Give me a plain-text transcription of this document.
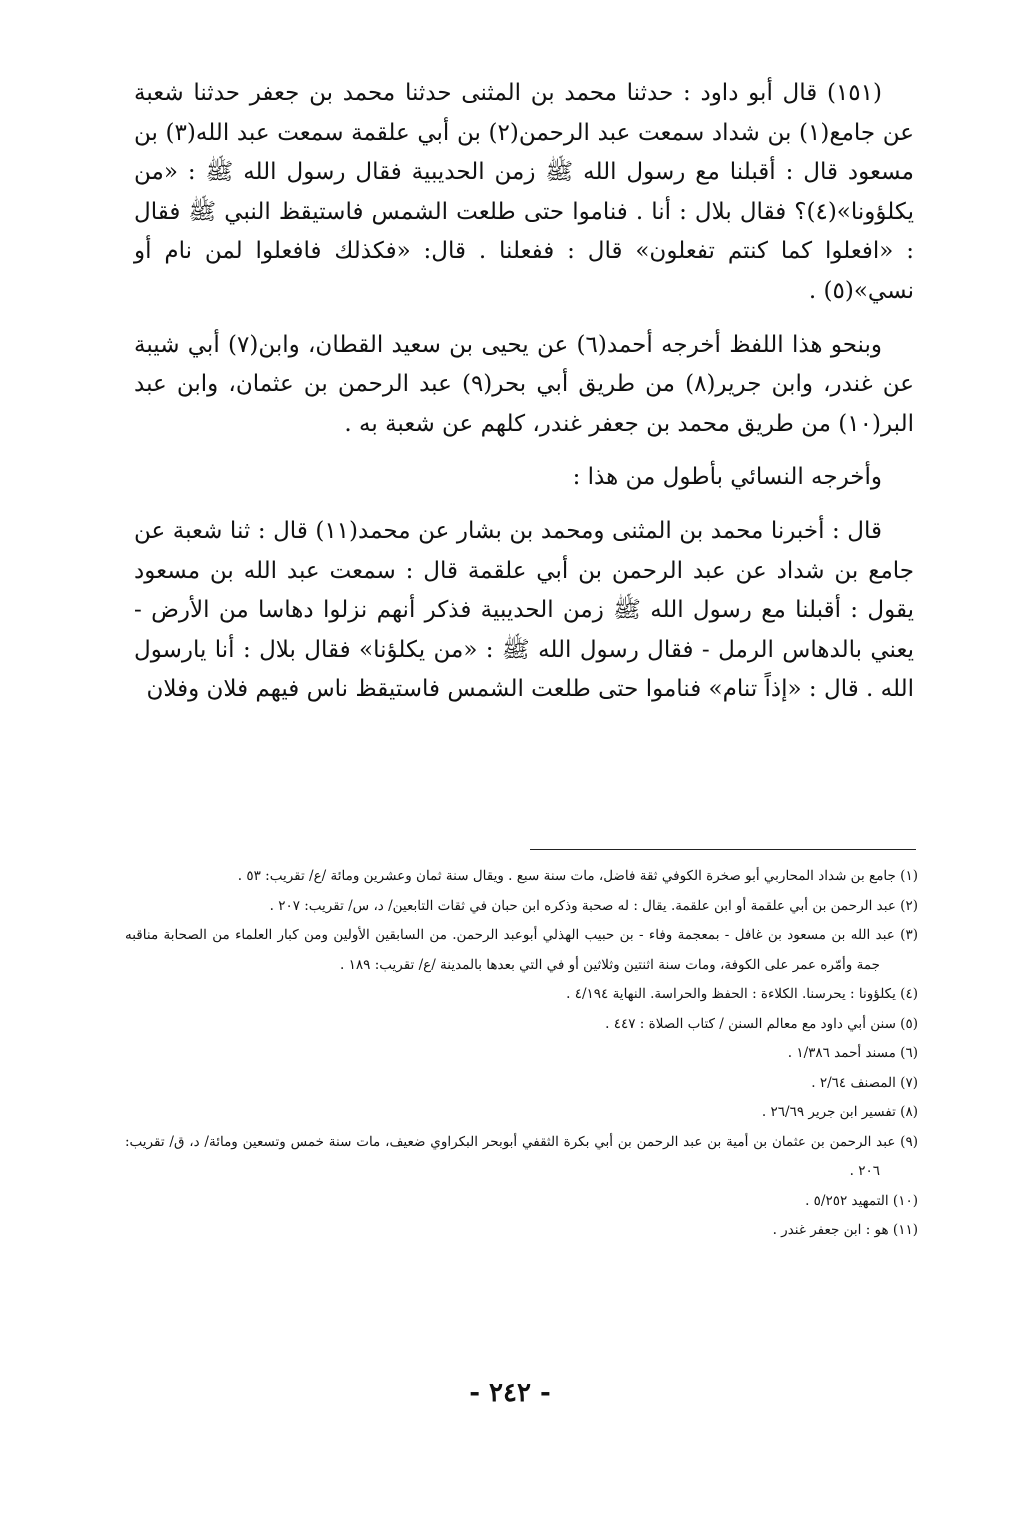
(١٥١) قال أبو داود : حدثنا محمد بن المثنى حدثنا محمد بن جعفر حدثنا شعبة عن جامع(١) بن شداد سمعت عبد الرحمن(٢) بن أبي علقمة سمعت عبد الله(٣) بن مسعود قال : أقبلنا مع رسول الله ﷺ زمن الحديبية فقال رسول الله ﷺ : «من يكلؤونا»(٤)؟ فقال بلال : أنا . فناموا حتى طلعت الشمس فاستيقظ النبي ﷺ فقال : «افعلوا كما كنتم تفعلون» قال : ففعلنا . قال: «فكذلك فافعلوا لمن نام أو نسي»(٥) .

وبنحو هذا اللفظ أخرجه أحمد(٦) عن يحيى بن سعيد القطان، وابن(٧) أبي شيبة عن غندر، وابن جرير(٨) من طريق أبي بحر(٩) عبد الرحمن بن عثمان، وابن عبد البر(١٠) من طريق محمد بن جعفر غندر، كلهم عن شعبة به .

وأخرجه النسائي بأطول من هذا :

قال : أخبرنا محمد بن المثنى ومحمد بن بشار عن محمد(١١) قال : ثنا شعبة عن جامع بن شداد عن عبد الرحمن بن أبي علقمة قال : سمعت عبد الله بن مسعود يقول : أقبلنا مع رسول الله ﷺ زمن الحديبية فذكر أنهم نزلوا دهاسا من الأرض - يعني بالدهاس الرمل - فقال رسول الله ﷺ : «من يكلؤنا» فقال بلال : أنا يارسول الله . قال : «إذاً تنام» فناموا حتى طلعت الشمس فاستيقظ ناس فيهم فلان وفلان

(١) جامع بن شداد المحاربي أبو صخرة الكوفي ثقة فاضل، مات سنة سبع . ويقال سنة ثمان وعشرين ومائة /ع/ تقريب: ٥٣ .

(٢) عبد الرحمن بن أبي علقمة أو ابن علقمة. يقال : له صحبة وذكره ابن حبان في ثقات التابعين/ د، س/ تقريب: ٢٠٧ .

(٣) عبد الله بن مسعود بن غافل - بمعجمة وفاء - بن حبيب الهذلي أبوعبد الرحمن. من السابقين الأولين ومن كبار العلماء من الصحابة مناقبه جمة وأمّره عمر على الكوفة، ومات سنة اثنتين وثلاثين أو في التي بعدها بالمدينة /ع/ تقريب: ١٨٩ .

(٤) يكلؤونا : يحرسنا. الكلاءة : الحفظ والحراسة. النهاية ٤/١٩٤ .

(٥) سنن أبي داود مع معالم السنن / كتاب الصلاة : ٤٤٧ .

(٦) مسند أحمد ١/٣٨٦ .

(٧) المصنف ٢/٦٤ .

(٨) تفسير ابن جرير ٢٦/٦٩ .

(٩) عبد الرحمن بن عثمان بن أمية بن عبد الرحمن بن أبي بكرة الثقفي أبوبحر البكراوي ضعيف، مات سنة خمس وتسعين ومائة/ د، ق/ تقريب: ٢٠٦ .

(١٠) التمهيد ٥/٢٥٢ .

(١١) هو : ابن جعفر غندر .

- ٢٤٢ -
